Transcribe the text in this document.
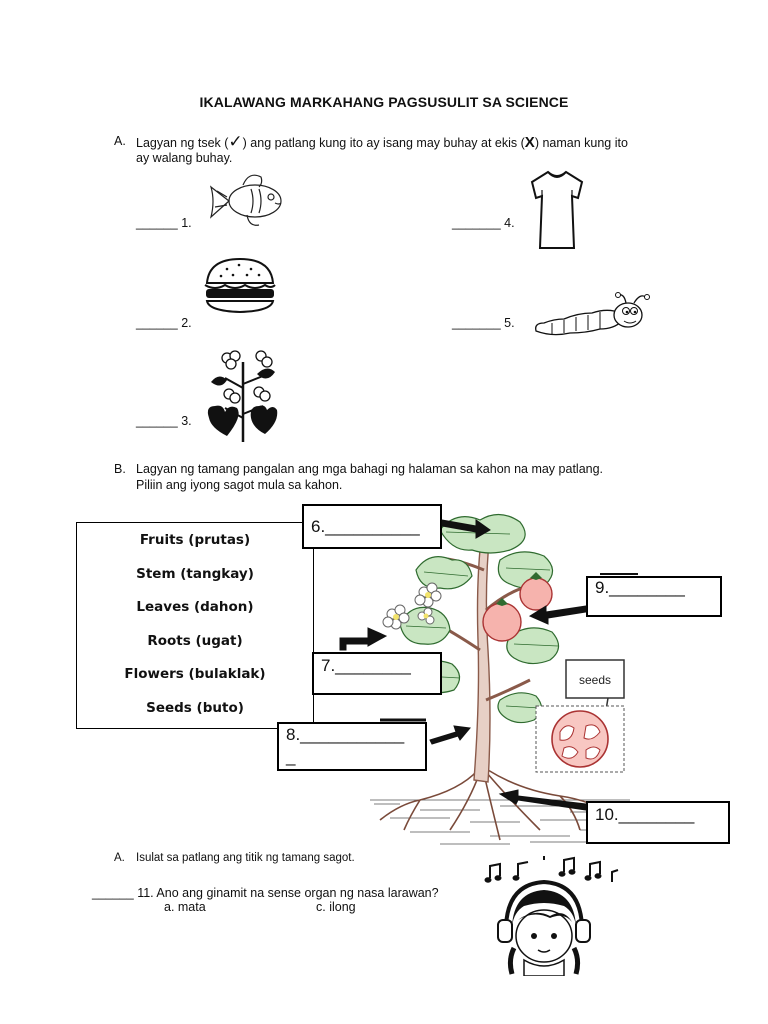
IKALAWANG MARKAHANG PAGSUSULIT SA SCIENCE
A. Lagyan ng tsek (✓) ang patlang kung ito ay isang may buhay at ekis (X) naman kung ito
ay walang buhay.
______ 1.
______ 2.
______ 3.
_______ 4.
_______ 5.
B. Lagyan ng tamang pangalan ang mga bahagi ng halaman sa kahon na may patlang.
Piliin ang iyong sagot mula sa kahon.
seeds
Fruits (prutas)
Stem (tangkay)
Leaves (dahon)
Roots (ugat)
Flowers (bulaklak)
Seeds (buto)
6.__________
7.________
8.___________
_
9.________
10.________
A. Isulat sa patlang ang titik ng tamang sagot.
______ 11. Ano ang ginamit na sense organ ng nasa larawan?
a. mata	c. ilong
